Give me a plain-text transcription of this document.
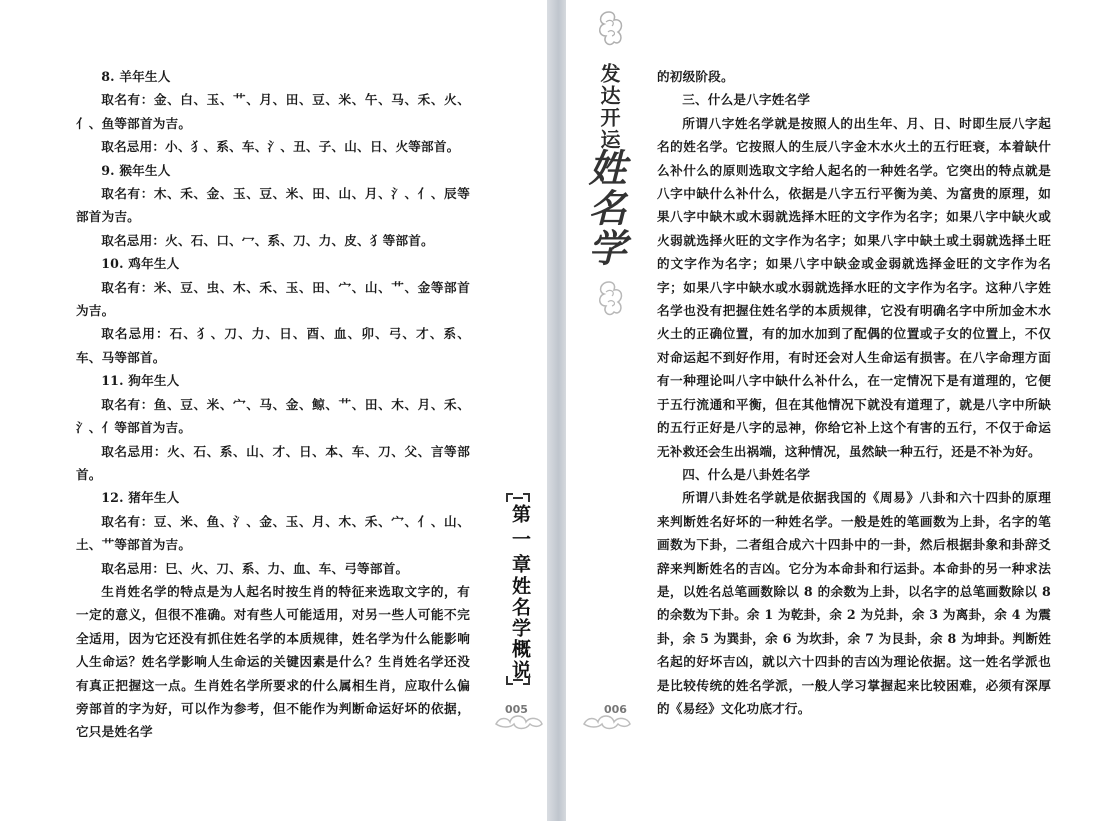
8. 羊年生人

取名有：金、白、玉、艹、月、田、豆、米、午、马、禾、火、亻、鱼等部首为吉。

取名忌用：小、犭、系、车、氵、丑、子、山、日、火等部首。

9. 猴年生人

取名有：木、禾、金、玉、豆、米、田、山、月、氵、亻、辰等部首为吉。

取名忌用：火、石、口、冖、系、刀、力、皮、犭等部首。

10. 鸡年生人

取名有：米、豆、虫、木、禾、玉、田、宀、山、艹、金等部首为吉。

取名忌用：石、犭、刀、力、日、酉、血、卯、弓、才、系、车、马等部首。

11. 狗年生人

取名有：鱼、豆、米、宀、马、金、鲸、艹、田、木、月、禾、氵、亻等部首为吉。

取名忌用：火、石、系、山、才、日、本、车、刀、父、言等部首。

12. 猪年生人

取名有：豆、米、鱼、氵、金、玉、月、木、禾、宀、亻、山、土、艹等部首为吉。

取名忌用：巳、火、刀、系、力、血、车、弓等部首。

生肖姓名学的特点是为人起名时按生肖的特征来选取文字的，有一定的意义，但很不准确。对有些人可能适用，对另一些人可能不完全适用，因为它还没有抓住姓名学的本质规律，姓名学为什么能影响人生命运？姓名学影响人生命运的关键因素是什么？生肖姓名学还没有真正把握这一点。生肖姓名学所要求的什么属相生肖，应取什么偏旁部首的字为好，可以作为参考，但不能作为判断命运好坏的依据，它只是姓名学

的初级阶段。

三、什么是八字姓名学

所谓八字姓名学就是按照人的出生年、月、日、时即生辰八字起名的姓名学。它按照人的生辰八字金木水火土的五行旺衰，本着缺什么补什么的原则选取文字给人起名的一种姓名学。它突出的特点就是八字中缺什么补什么，依据是八字五行平衡为美、为富贵的原理，如果八字中缺木或木弱就选择木旺的文字作为名字；如果八字中缺火或火弱就选择火旺的文字作为名字；如果八字中缺土或土弱就选择土旺的文字作为名字；如果八字中缺金或金弱就选择金旺的文字作为名字；如果八字中缺水或水弱就选择水旺的文字作为名字。这种八字姓名学也没有把握住姓名学的本质规律，它没有明确名字中所加金木水火土的正确位置，有的加水加到了配偶的位置或子女的位置上，不仅对命运起不到好作用，有时还会对人生命运有损害。在八字命理方面有一种理论叫八字中缺什么补什么，在一定情况下是有道理的，它便于五行流通和平衡，但在其他情况下就没有道理了，就是八字中所缺的五行正好是八字的忌神，你给它补上这个有害的五行，不仅于命运无补救还会生出祸端，这种情况，虽然缺一种五行，还是不补为好。

四、什么是八卦姓名学

所谓八卦姓名学就是依据我国的《周易》八卦和六十四卦的原理来判断姓名好坏的一种姓名学。一般是姓的笔画数为上卦，名字的笔画数为下卦，二者组合成六十四卦中的一卦，然后根据卦象和卦辞爻辞来判断姓名的吉凶。它分为本命卦和行运卦。本命卦的另一种求法是，以姓名总笔画数除以 8 的余数为上卦，以名字的总笔画数除以 8 的余数为下卦。余 1 为乾卦，余 2 为兑卦，余 3 为离卦，余 4 为震卦，余 5 为巽卦，余 6 为坎卦，余 7 为艮卦，余 8 为坤卦。判断姓名起的好坏吉凶，就以六十四卦的吉凶为理论依据。这一姓名学派也是比较传统的姓名学派，一般人学习掌握起来比较困难，必须有深厚的《易经》文化功底才行。

发达开运
姓名学
第一章
姓名学概说
005	006
